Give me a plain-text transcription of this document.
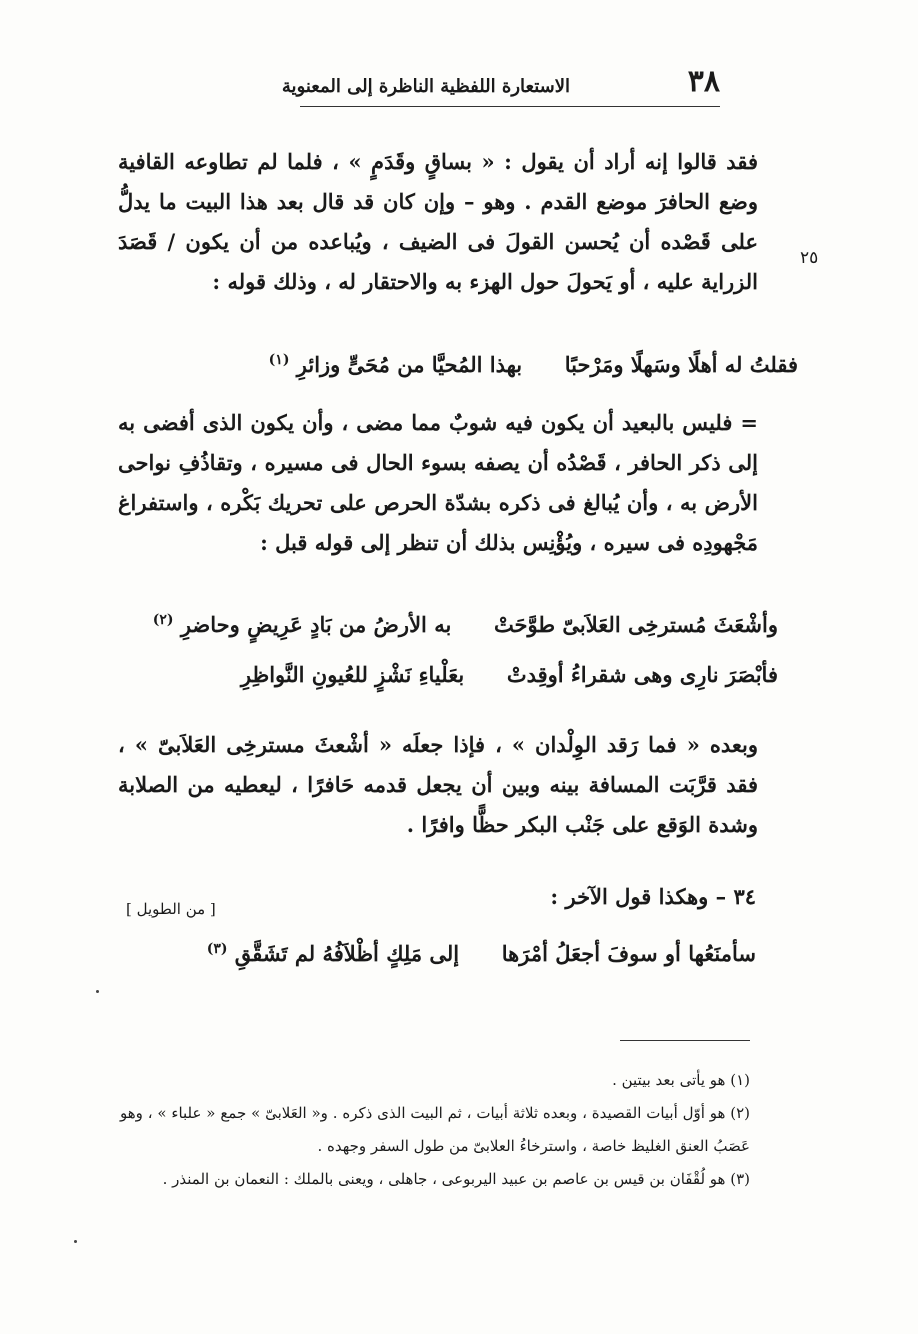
٣٨
الاستعارة اللفظية الناظرة إلى المعنوية
٢٥
فقد قالوا إنه أراد أن يقول : « بساقٍ وقَدَمٍ » ، فلما لم تطاوعه القافية وضع الحافرَ موضع القدم . وهو – وإن كان قد قال بعد هذا البيت ما يدلُّ على قَصْده أن يُحسن القولَ فى الضيف ، ويُباعده من أن يكون / قَصَدَ الزراية عليه ، أو يَحولَ حول الهزء به والاحتقار له ، وذلك قوله :
فقلتُ له أهلًا وسَهلًا ومَرْحبًا  بهذا المُحيَّا من مُحَىٍّ وزائرِ $^{(١)}$
= فليس بالبعيد أن يكون فيه شوبٌ مما مضى ، وأن يكون الذى أفضى به إلى ذكر الحافر ، قَصْدُه أن يصفه بسوء الحال فى مسيره ، وتقاذُفِ نواحى الأرض به ، وأن يُبالغ فى ذكره بشدّة الحرص على تحريك بَكْره ، واستفراغ مَجْهودِه فى سيره ، ويُؤْنِس بذلك أن تنظر إلى قوله قبل :
وأشْعَثَ مُسترخِى العَلاَبىّ طوَّحَتْ  به الأرضُ من بَادٍ عَرِيضٍ وحاضرِ $^{(٢)}$
فأبْصَرَ نارِى وهى شقراءُ أوقِدتْ  بعَلْياءِ نَشْزٍ للعُيونِ النَّواظِرِ
وبعده « فما رَقد الوِلْدان » ، فإذا جعلَه « أشْعثَ مسترخِى العَلاَبىّ » ، فقد قرَّبَت المسافة بينه وبين أن يجعل قدمه حَافرًا ، ليعطيه من الصلابة وشدة الوَقع على جَنْب البكر حظًّا وافرًا .
٣٤ – وهكذا قول الآخر :
سأمنَعُها أو سوفَ أجعَلُ أمْرَها  إلى مَلِكٍ أظْلاَفُهُ لم تَشَقَّقِ $^{(٣)}$
[ من الطويل ]
(١) هو يأتى بعد بيتين .
(٢) هو أوّل أبيات القصيدة ، وبعده ثلاثة أبيات ، ثم البيت الذى ذكره . و« العَلابىّ » جمع « علباء » ، وهو عَصَبُ العنق الغليظ خاصة ، واسترخاءُ العلابىّ من طول السفر وجهده .
(٣) هو لُقْفَان بن قيس بن عاصم بن عبيد اليربوعى ، جاهلى ، ويعنى بالملك : النعمان بن المنذر .
